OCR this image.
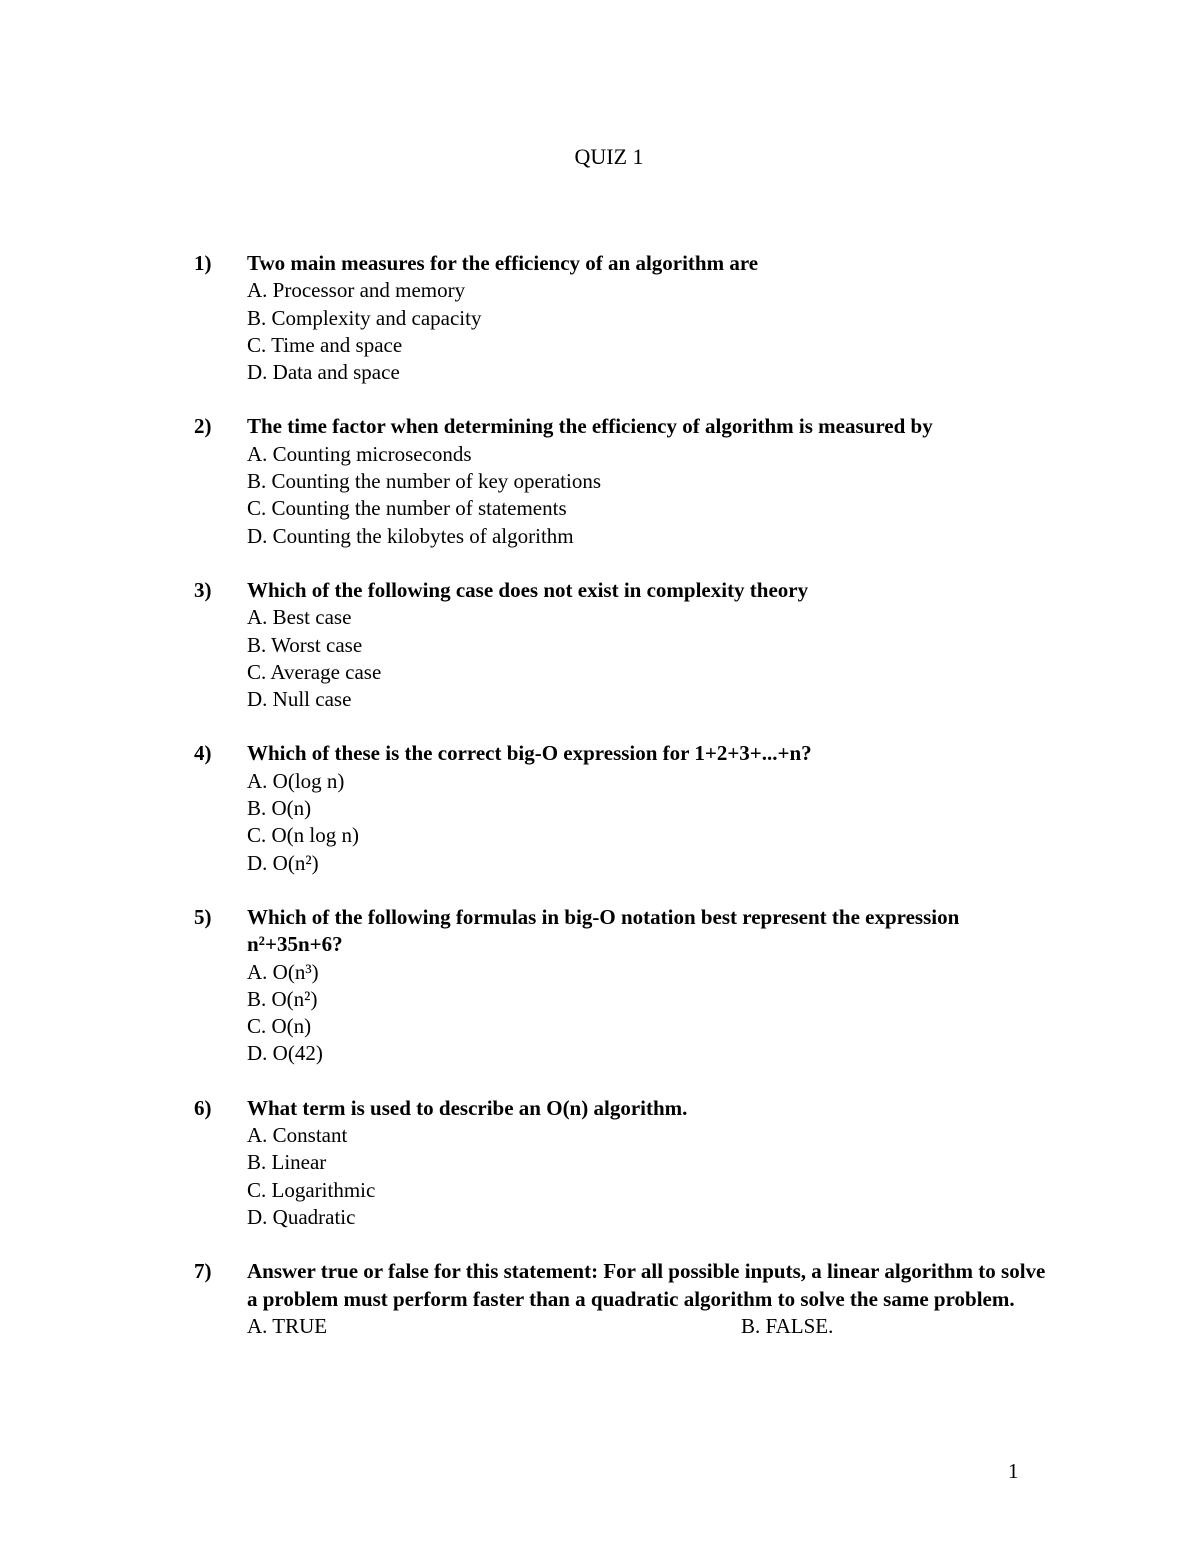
QUIZ 1
1)	Two main measures for the efficiency of an algorithm are
A. Processor and memory
B. Complexity and capacity
C. Time and space
D. Data and space
2)	The time factor when determining the efficiency of algorithm is measured by
A. Counting microseconds
B. Counting the number of key operations
C. Counting the number of statements
D. Counting the kilobytes of algorithm
3)	Which of the following case does not exist in complexity theory
A. Best case
B. Worst case
C. Average case
D. Null case
4)	Which of these is the correct big-O expression for 1+2+3+...+n?
A. O(log n)
B. O(n)
C. O(n log n)
D. O(n²)
5)	Which of the following formulas in big-O notation best represent the expression n²+35n+6?
A. O(n³)
B. O(n²)
C. O(n)
D. O(42)
6)	What term is used to describe an O(n) algorithm.
A. Constant
B. Linear
C. Logarithmic
D. Quadratic
7)	Answer true or false for this statement: For all possible inputs, a linear algorithm to solve a problem must perform faster than a quadratic algorithm to solve the same problem.
A. TRUE	B. FALSE.
1
